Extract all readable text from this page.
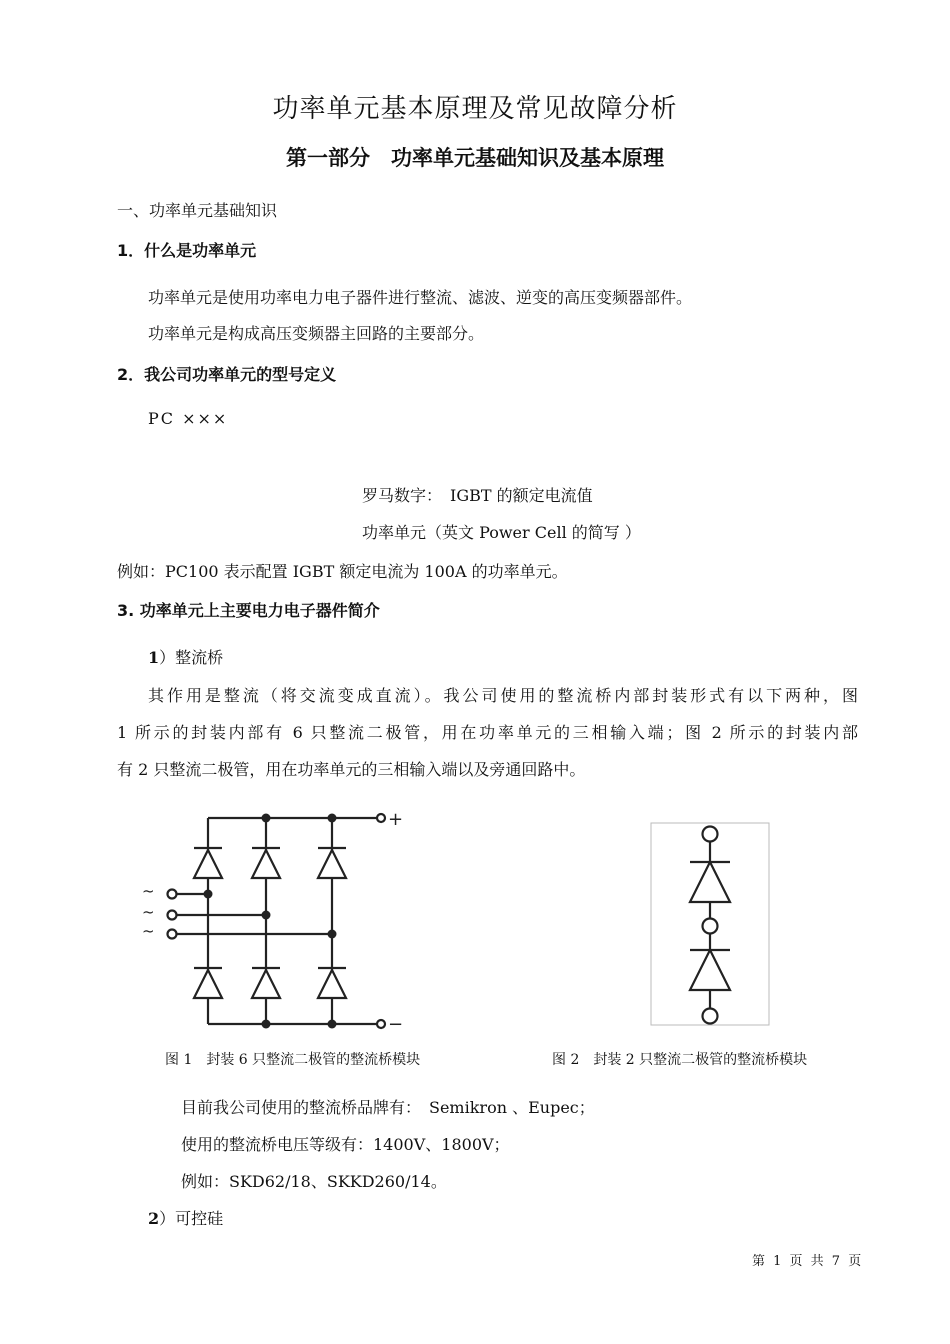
功率单元基本原理及常见故障分析
第一部分　功率单元基础知识及基本原理
一、功率单元基础知识
1．什么是功率单元
功率单元是使用功率电力电子器件进行整流、滤波、逆变的高压变频器部件。
功率单元是构成高压变频器主回路的主要部分。
2．我公司功率单元的型号定义
PC ×××
罗马数字：　IGBT 的额定电流值
功率单元（英文 Power Cell 的简写 ）
例如：PC100 表示配置 IGBT 额定电流为 100A 的功率单元。
3. 功率单元上主要电力电子器件简介
1）整流桥
其作用是整流（将交流变成直流）。我公司使用的整流桥内部封装形式有以下两种，图
1 所示的封装内部有 6 只整流二极管，用在功率单元的三相输入端；图 2 所示的封装内部
有 2 只整流二极管，用在功率单元的三相输入端以及旁通回路中。
+
−
~
~
~
图 1　封装 6 只整流二极管的整流桥模块	图 2　封装 2 只整流二极管的整流桥模块
目前我公司使用的整流桥品牌有：　Semikron 、Eupec；
使用的整流桥电压等级有：1400V、1800V；
例如：SKD62/18、SKKD260/14。
2）可控硅
第 1 页 共 7 页
